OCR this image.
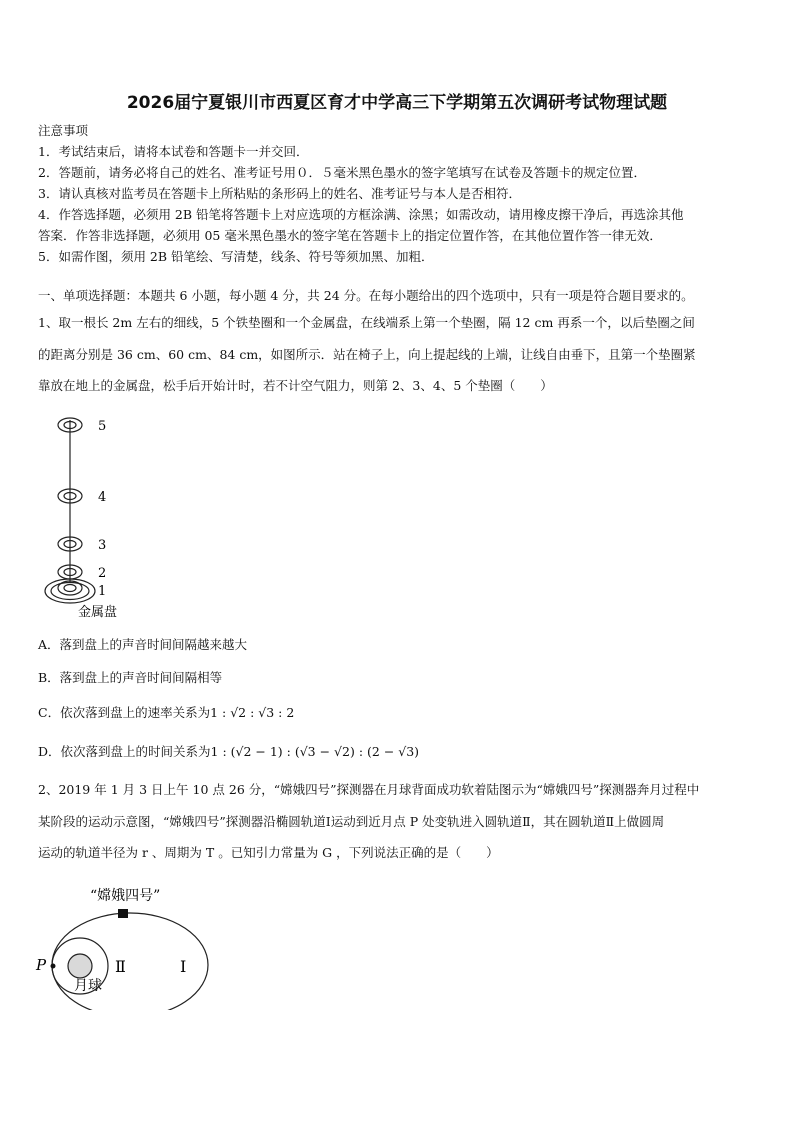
2026届宁夏银川市西夏区育才中学高三下学期第五次调研考试物理试题
注意事项
1．考试结束后，请将本试卷和答题卡一并交回．
2．答题前，请务必将自己的姓名、准考证号用０．５毫米黑色墨水的签字笔填写在试卷及答题卡的规定位置．
3．请认真核对监考员在答题卡上所粘贴的条形码上的姓名、准考证号与本人是否相符．
4．作答选择题，必须用 2B 铅笔将答题卡上对应选项的方框涂满、涂黑；如需改动，请用橡皮擦干净后，再选涂其他
答案．作答非选择题，必须用 05 毫米黑色墨水的签字笔在答题卡上的指定位置作答，在其他位置作答一律无效．
5．如需作图，须用 2B 铅笔绘、写清楚，线条、符号等须加黑、加粗．
一、单项选择题：本题共 6 小题，每小题 4 分，共 24 分。在每小题给出的四个选项中，只有一项是符合题目要求的。
1、取一根长 2m 左右的细线，5 个铁垫圈和一个金属盘，在线端系上第一个垫圈，隔 12 cm 再系一个，以后垫圈之间
的距离分别是 36 cm、60 cm、84 cm，如图所示．站在椅子上，向上提起线的上端，让线自由垂下，且第一个垫圈紧
靠放在地上的金属盘，松手后开始计时，若不计空气阻力，则第 2、3、4、5 个垫圈（　　）
5
4
3
2
1
金属盘
A．落到盘上的声音时间间隔越来越大
B．落到盘上的声音时间间隔相等
C．依次落到盘上的速率关系为1 : √2 : √3 : 2
D．依次落到盘上的时间关系为1 : (√2 − 1) : (√3 − √2) : (2 − √3)
2、2019 年 1 月 3 日上午 10 点 26 分，“嫦娥四号”探测器在月球背面成功软着陆图示为“嫦娥四号”探测器奔月过程中
某阶段的运动示意图，“嫦娥四号”探测器沿椭圆轨道Ⅰ运动到近月点 P 处变轨进入圆轨道Ⅱ，其在圆轨道Ⅱ上做圆周
运动的轨道半径为 r 、周期为 T 。已知引力常量为 G ，下列说法正确的是（　　）
“嫦娥四号”
P	Ⅱ	Ⅰ
月球
